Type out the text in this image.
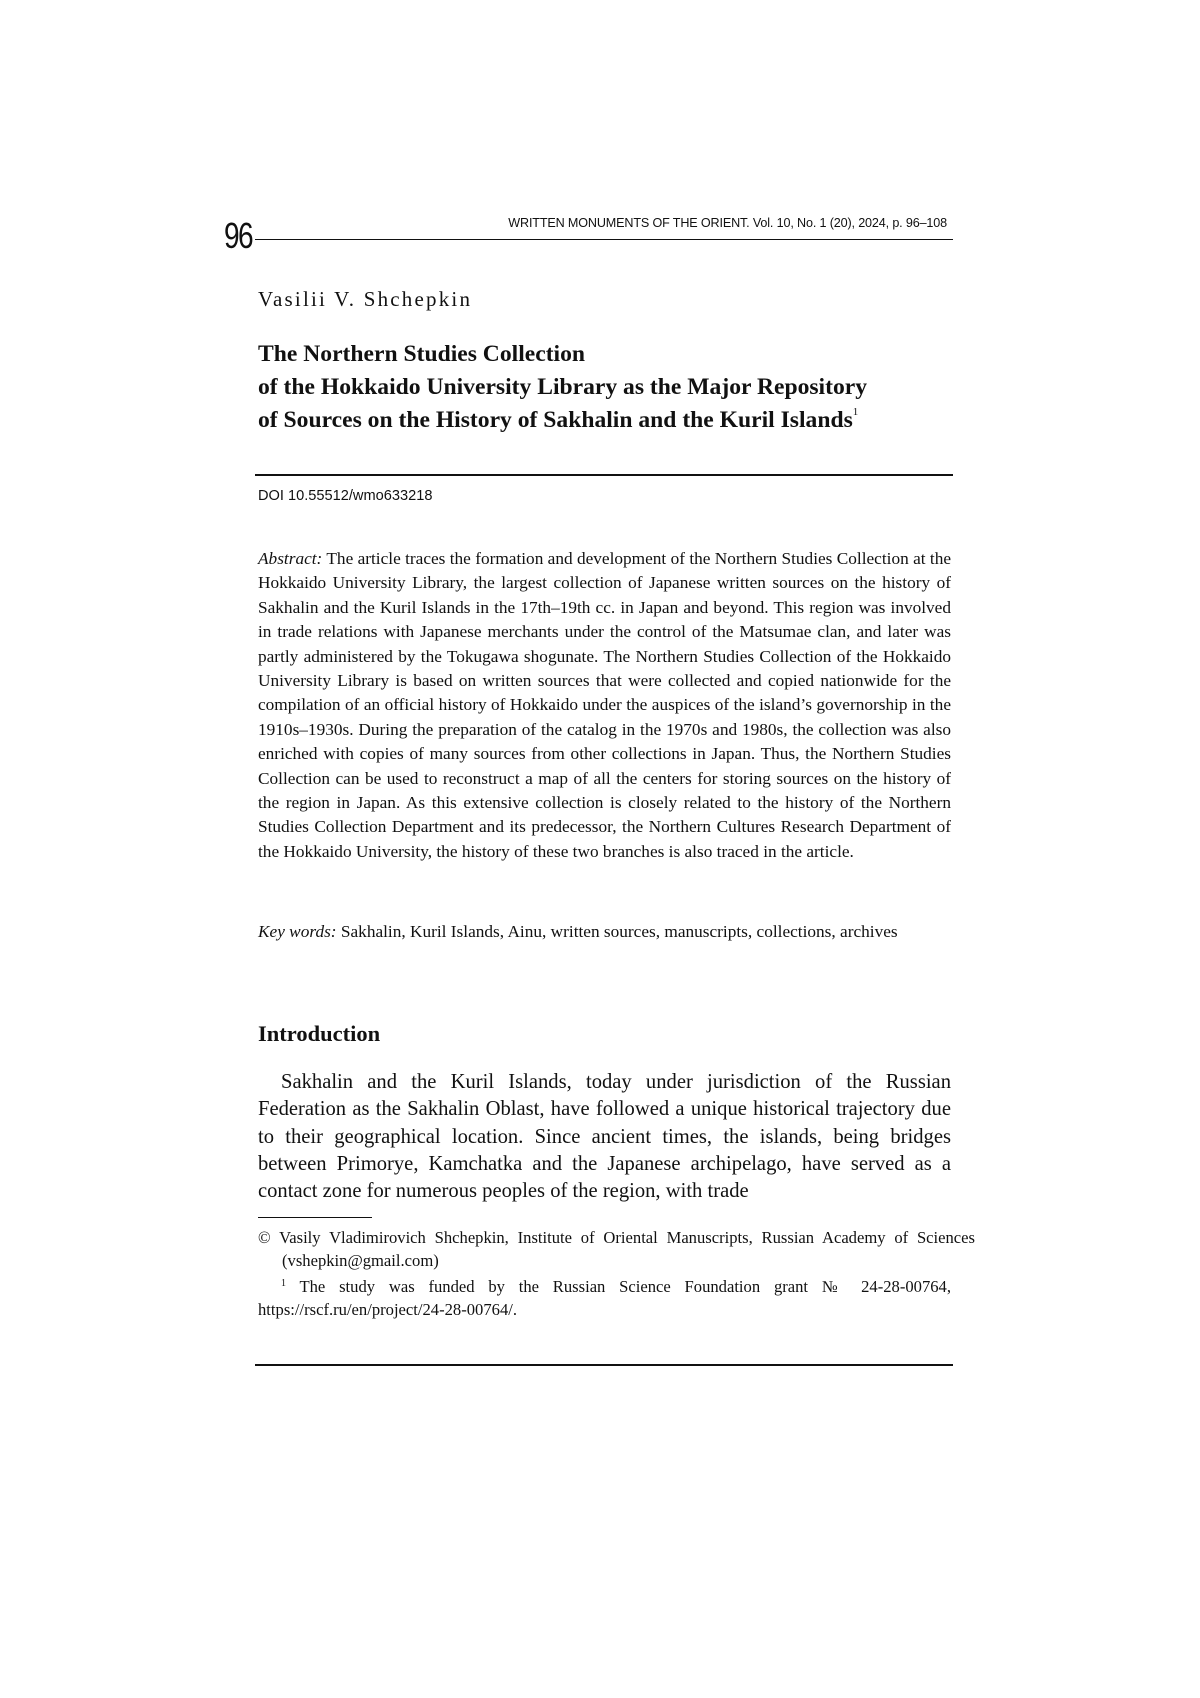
96	WRITTEN MONUMENTS OF THE ORIENT. Vol. 10, No. 1 (20), 2024, p. 96–108
Vasilii V. Shchepkin
The Northern Studies Collection
of the Hokkaido University Library as the Major Repository
of Sources on the History of Sakhalin and the Kuril Islands$^1$
DOI 10.55512/wmo633218

Abstract: The article traces the formation and development of the Northern Studies Collection at the Hokkaido University Library, the largest collection of Japanese written sources on the history of Sakhalin and the Kuril Islands in the 17th–19th cc. in Japan and beyond. This region was involved in trade relations with Japanese merchants under the control of the Matsumae clan, and later was partly administered by the Tokugawa shogunate. The Northern Studies Collection of the Hokkaido University Library is based on written sources that were collected and copied nationwide for the compilation of an official history of Hokkaido under the auspices of the island’s governorship in the 1910s–1930s. During the preparation of the catalog in the 1970s and 1980s, the collection was also enriched with copies of many sources from other collections in Japan. Thus, the Northern Studies Collection can be used to reconstruct a map of all the centers for storing sources on the history of the region in Japan. As this extensive collection is closely related to the history of the Northern Studies Collection Department and its predecessor, the Northern Cultures Research Department of the Hokkaido University, the history of these two branches is also traced in the article.

Key words: Sakhalin, Kuril Islands, Ainu, written sources, manuscripts, collections, archives

Introduction

Sakhalin and the Kuril Islands, today under jurisdiction of the Russian Federation as the Sakhalin Oblast, have followed a unique historical trajectory due to their geographical location. Since ancient times, the islands, being bridges between Primorye, Kamchatka and the Japanese archipelago, have served as a contact zone for numerous peoples of the region, with trade

© Vasily Vladimirovich Shchepkin, Institute of Oriental Manuscripts, Russian Academy of Sciences (vshepkin@gmail.com)

$^1$ The study was funded by the Russian Science Foundation grant № 24-28-00764, https://rscf.ru/en/project/24-28-00764/.
